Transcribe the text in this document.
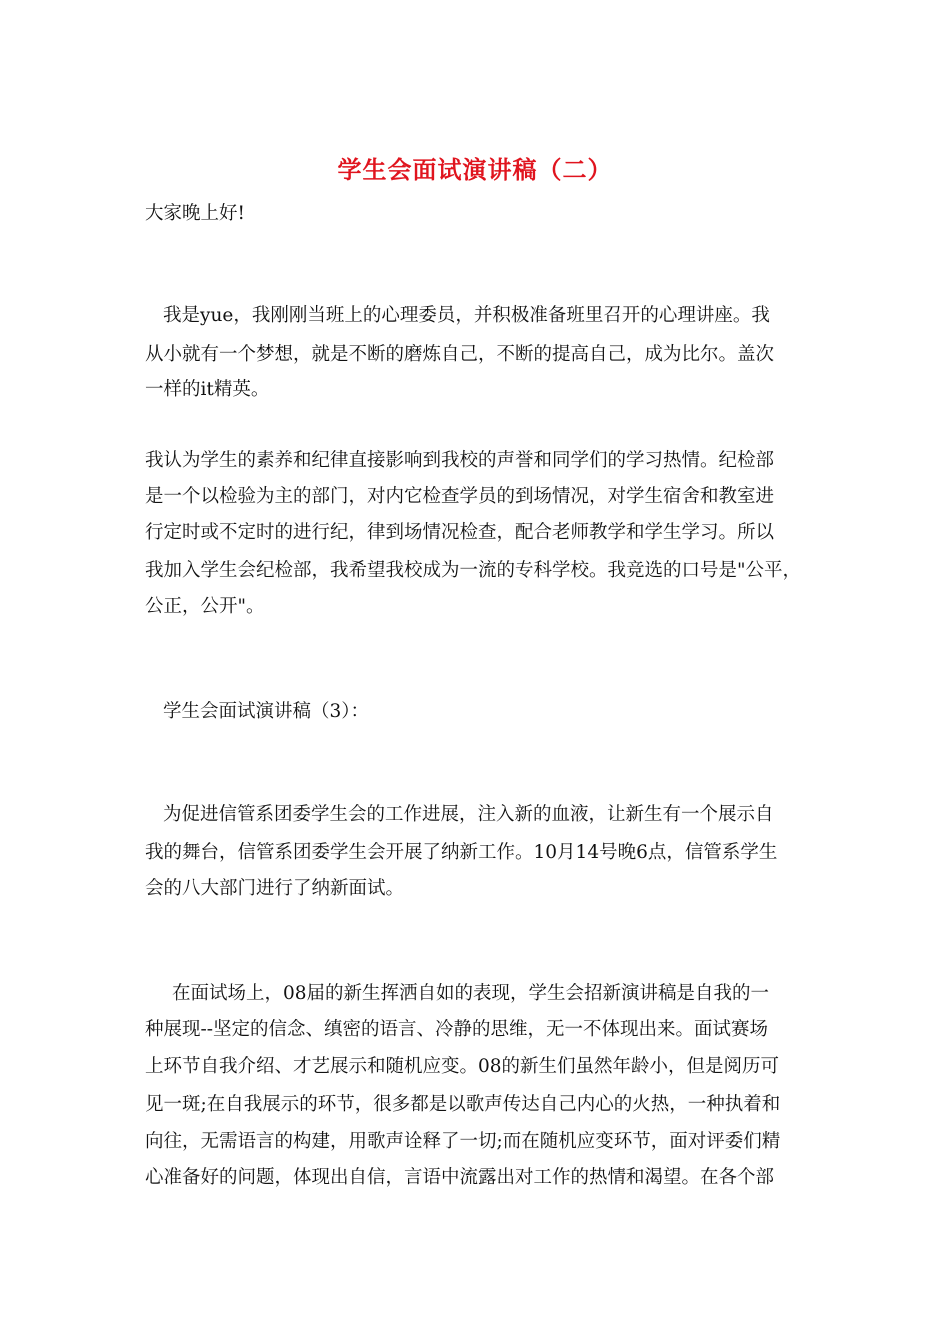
学生会面试演讲稿（二）
大家晚上好!
我是yue，我刚刚当班上的心理委员，并积极准备班里召开的心理讲座。我
从小就有一个梦想，就是不断的磨炼自己，不断的提高自己，成为比尔。盖次
一样的it精英。
我认为学生的素养和纪律直接影响到我校的声誉和同学们的学习热情。纪检部
是一个以检验为主的部门，对内它检查学员的到场情况，对学生宿舍和教室进
行定时或不定时的进行纪，律到场情况检查，配合老师教学和学生学习。所以
我加入学生会纪检部，我希望我校成为一流的专科学校。我竞选的口号是"公平，
公正，公开"。
学生会面试演讲稿（3）：
为促进信管系团委学生会的工作进展，注入新的血液，让新生有一个展示自
我的舞台，信管系团委学生会开展了纳新工作。10月14号晚6点，信管系学生
会的八大部门进行了纳新面试。
在面试场上，08届的新生挥洒自如的表现，学生会招新演讲稿是自我的一
种展现--坚定的信念、缜密的语言、冷静的思维，无一不体现出来。面试赛场
上环节自我介绍、才艺展示和随机应变。08的新生们虽然年龄小，但是阅历可
见一斑;在自我展示的环节，很多都是以歌声传达自己内心的火热，一种执着和
向往，无需语言的构建，用歌声诠释了一切;而在随机应变环节，面对评委们精
心准备好的问题，体现出自信，言语中流露出对工作的热情和渴望。在各个部
